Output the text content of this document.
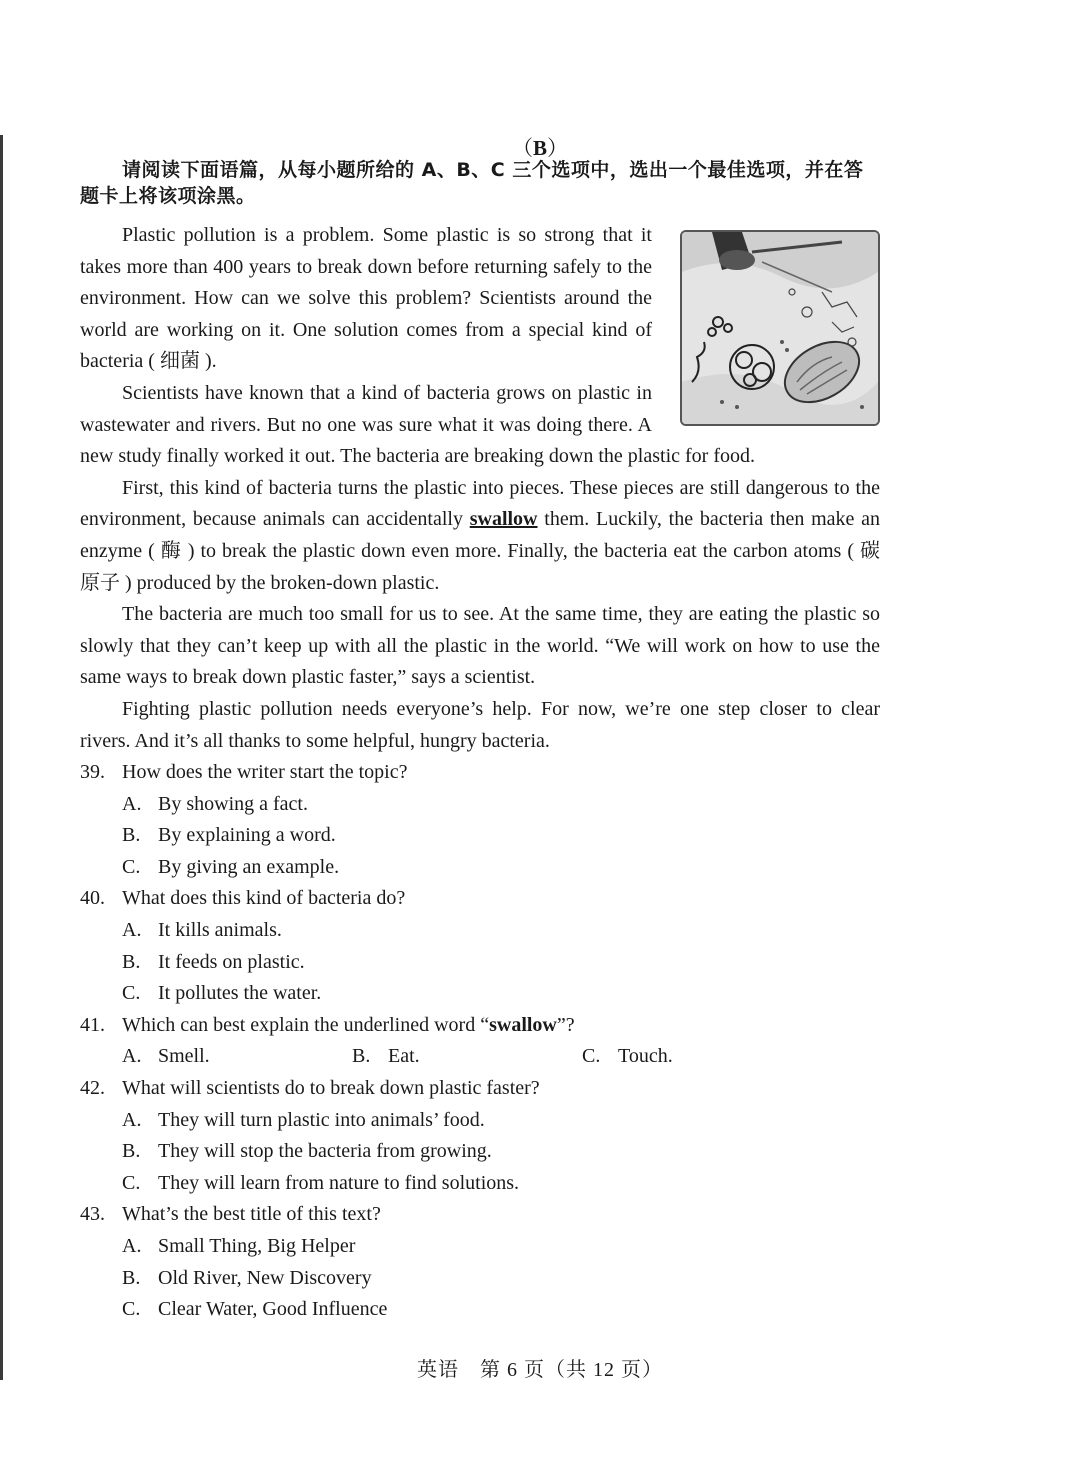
（B）
请阅读下面语篇，从每小题所给的 A、B、C 三个选项中，选出一个最佳选项，并在答题卡上将该项涂黑。

Plastic pollution is a problem. Some plastic is so strong that it takes more than 400 years to break down before returning safely to the environment. How can we solve this problem? Scientists around the world are working on it. One solution comes from a special kind of bacteria ( 细菌 ).

Scientists have known that a kind of bacteria grows on plastic in wastewater and rivers. But no one was sure what it was doing there. A new study finally worked it out. The bacteria are breaking down the plastic for food.

First, this kind of bacteria turns the plastic into pieces. These pieces are still dangerous to the environment, because animals can accidentally swallow them. Luckily, the bacteria then make an enzyme ( 酶 ) to break the plastic down even more. Finally, the bacteria eat the carbon atoms ( 碳原子 ) produced by the broken-down plastic.

The bacteria are much too small for us to see. At the same time, they are eating the plastic so slowly that they can’t keep up with all the plastic in the world. “We will work on how to use the same ways to break down plastic faster,” says a scientist.

Fighting plastic pollution needs everyone’s help. For now, we’re one step closer to clear rivers. And it’s all thanks to some helpful, hungry bacteria.

39. How does the writer start the topic?
A. By showing a fact.
B. By explaining a word.
C. By giving an example.
40. What does this kind of bacteria do?
A. It kills animals.
B. It feeds on plastic.
C. It pollutes the water.
41. Which can best explain the underlined word “swallow”?
A. Smell.	B. Eat.	C. Touch.
42. What will scientists do to break down plastic faster?
A. They will turn plastic into animals’ food.
B. They will stop the bacteria from growing.
C. They will learn from nature to find solutions.
43. What’s the best title of this text?
A. Small Thing, Big Helper
B. Old River, New Discovery
C. Clear Water, Good Influence
英语　第 6 页（共 12 页）
